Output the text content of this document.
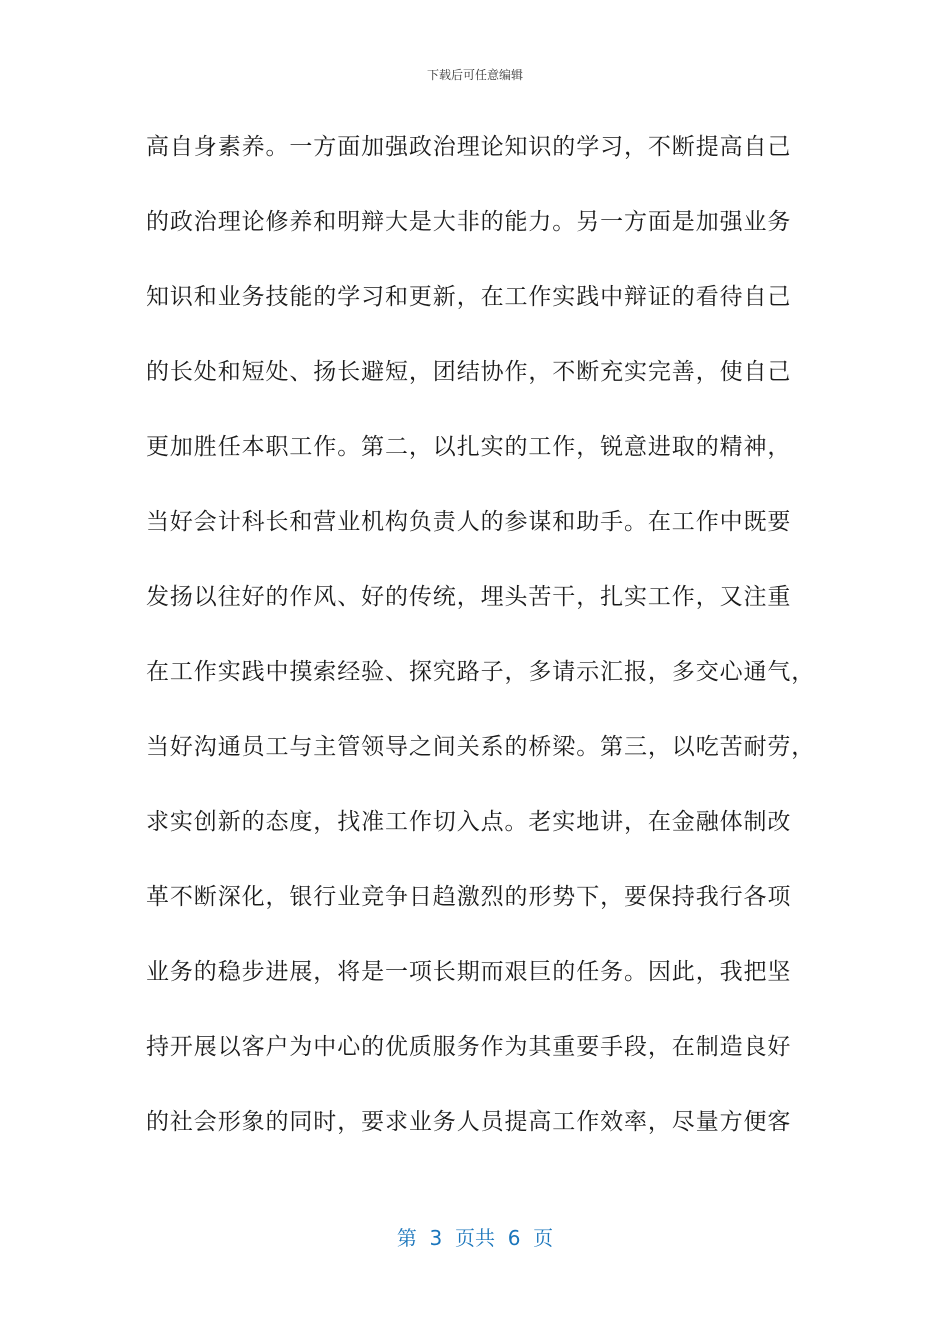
下载后可任意编辑
高自身素养。一方面加强政治理论知识的学习，不断提高自己
的政治理论修养和明辩大是大非的能力。另一方面是加强业务
知识和业务技能的学习和更新，在工作实践中辩证的看待自己
的长处和短处、扬长避短，团结协作，不断充实完善，使自己
更加胜任本职工作。第二，以扎实的工作，锐意进取的精神，
当好会计科长和营业机构负责人的参谋和助手。在工作中既要
发扬以往好的作风、好的传统，埋头苦干，扎实工作，又注重
在工作实践中摸索经验、探究路子，多请示汇报，多交心通气，
当好沟通员工与主管领导之间关系的桥梁。第三，以吃苦耐劳，
求实创新的态度，找准工作切入点。老实地讲，在金融体制改
革不断深化，银行业竞争日趋激烈的形势下，要保持我行各项
业务的稳步进展，将是一项长期而艰巨的任务。因此，我把坚
持开展以客户为中心的优质服务作为其重要手段，在制造良好
的社会形象的同时，要求业务人员提高工作效率，尽量方便客
第  3  页共  6  页
